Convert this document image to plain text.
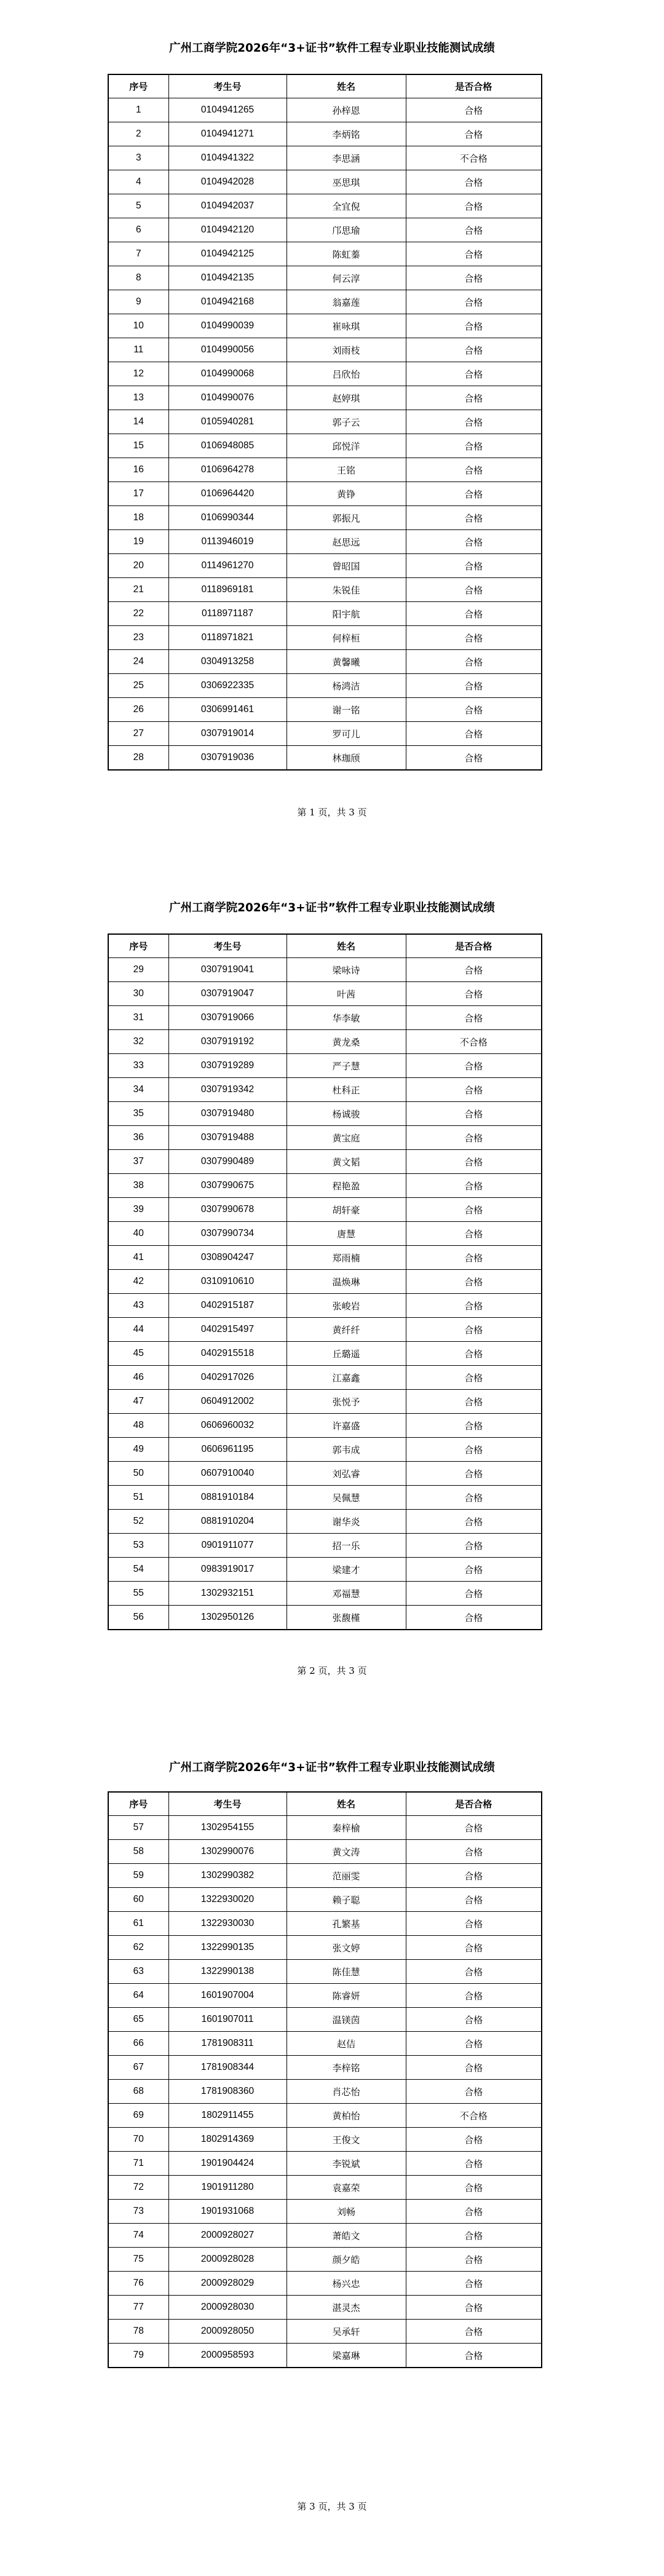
广州工商学院2026年“3+证书”软件工程专业职业技能测试成绩
序号	考生号	姓名	是否合格
1	0104941265	孙梓恩	合格
2	0104941271	李炳铭	合格
3	0104941322	李思涵	不合格
4	0104942028	巫思琪	合格
5	0104942037	全宜倪	合格
6	0104942120	邝思瑜	合格
7	0104942125	陈虹蓁	合格
8	0104942135	何云淳	合格
9	0104942168	翁嘉莲	合格
10	0104990039	崔咏琪	合格
11	0104990056	刘雨枝	合格
12	0104990068	吕欣怡	合格
13	0104990076	赵婷琪	合格
14	0105940281	郭子云	合格
15	0106948085	邱悦洋	合格
16	0106964278	王铭	合格
17	0106964420	黄铮	合格
18	0106990344	郭振凡	合格
19	0113946019	赵思远	合格
20	0114961270	曾昭国	合格
21	0118969181	朱锐佳	合格
22	0118971187	阳宇航	合格
23	0118971821	何梓桓	合格
24	0304913258	黄馨曦	合格
25	0306922335	杨鸿洁	合格
26	0306991461	谢一铭	合格
27	0307919014	罗可儿	合格
28	0307919036	林珈颀	合格
第 1 页，共 3 页
广州工商学院2026年“3+证书”软件工程专业职业技能测试成绩
序号	考生号	姓名	是否合格
29	0307919041	梁咏诗	合格
30	0307919047	叶茜	合格
31	0307919066	华李敏	合格
32	0307919192	黄龙桑	不合格
33	0307919289	严子慧	合格
34	0307919342	杜科正	合格
35	0307919480	杨诚骏	合格
36	0307919488	黄宝庭	合格
37	0307990489	黄文韬	合格
38	0307990675	程艳盈	合格
39	0307990678	胡轩豪	合格
40	0307990734	唐慧	合格
41	0308904247	郑雨楠	合格
42	0310910610	温焕琳	合格
43	0402915187	张峻岩	合格
44	0402915497	黄纤纤	合格
45	0402915518	丘璐遥	合格
46	0402917026	江嘉鑫	合格
47	0604912002	张悦予	合格
48	0606960032	许嘉盛	合格
49	0606961195	郭韦成	合格
50	0607910040	刘弘睿	合格
51	0881910184	吴佩慧	合格
52	0881910204	谢华炎	合格
53	0901911077	招一乐	合格
54	0983919017	梁建才	合格
55	1302932151	邓福慧	合格
56	1302950126	张馥槿	合格
第 2 页，共 3 页
广州工商学院2026年“3+证书”软件工程专业职业技能测试成绩
序号	考生号	姓名	是否合格
57	1302954155	秦梓榆	合格
58	1302990076	黄文涛	合格
59	1302990382	范丽雯	合格
60	1322930020	赖子聪	合格
61	1322930030	孔繁基	合格
62	1322990135	张文婷	合格
63	1322990138	陈佳慧	合格
64	1601907004	陈睿妍	合格
65	1601907011	温镁茵	合格
66	1781908311	赵佶	合格
67	1781908344	李梓铭	合格
68	1781908360	肖芯怡	合格
69	1802911455	黄柏怡	不合格
70	1802914369	王俊文	合格
71	1901904424	李锐斌	合格
72	1901911280	袁嘉荣	合格
73	1901931068	刘畅	合格
74	2000928027	萧皓文	合格
75	2000928028	颜夕皓	合格
76	2000928029	杨兴忠	合格
77	2000928030	湛灵杰	合格
78	2000928050	吴承轩	合格
79	2000958593	梁嘉琳	合格
第 3 页，共 3 页
